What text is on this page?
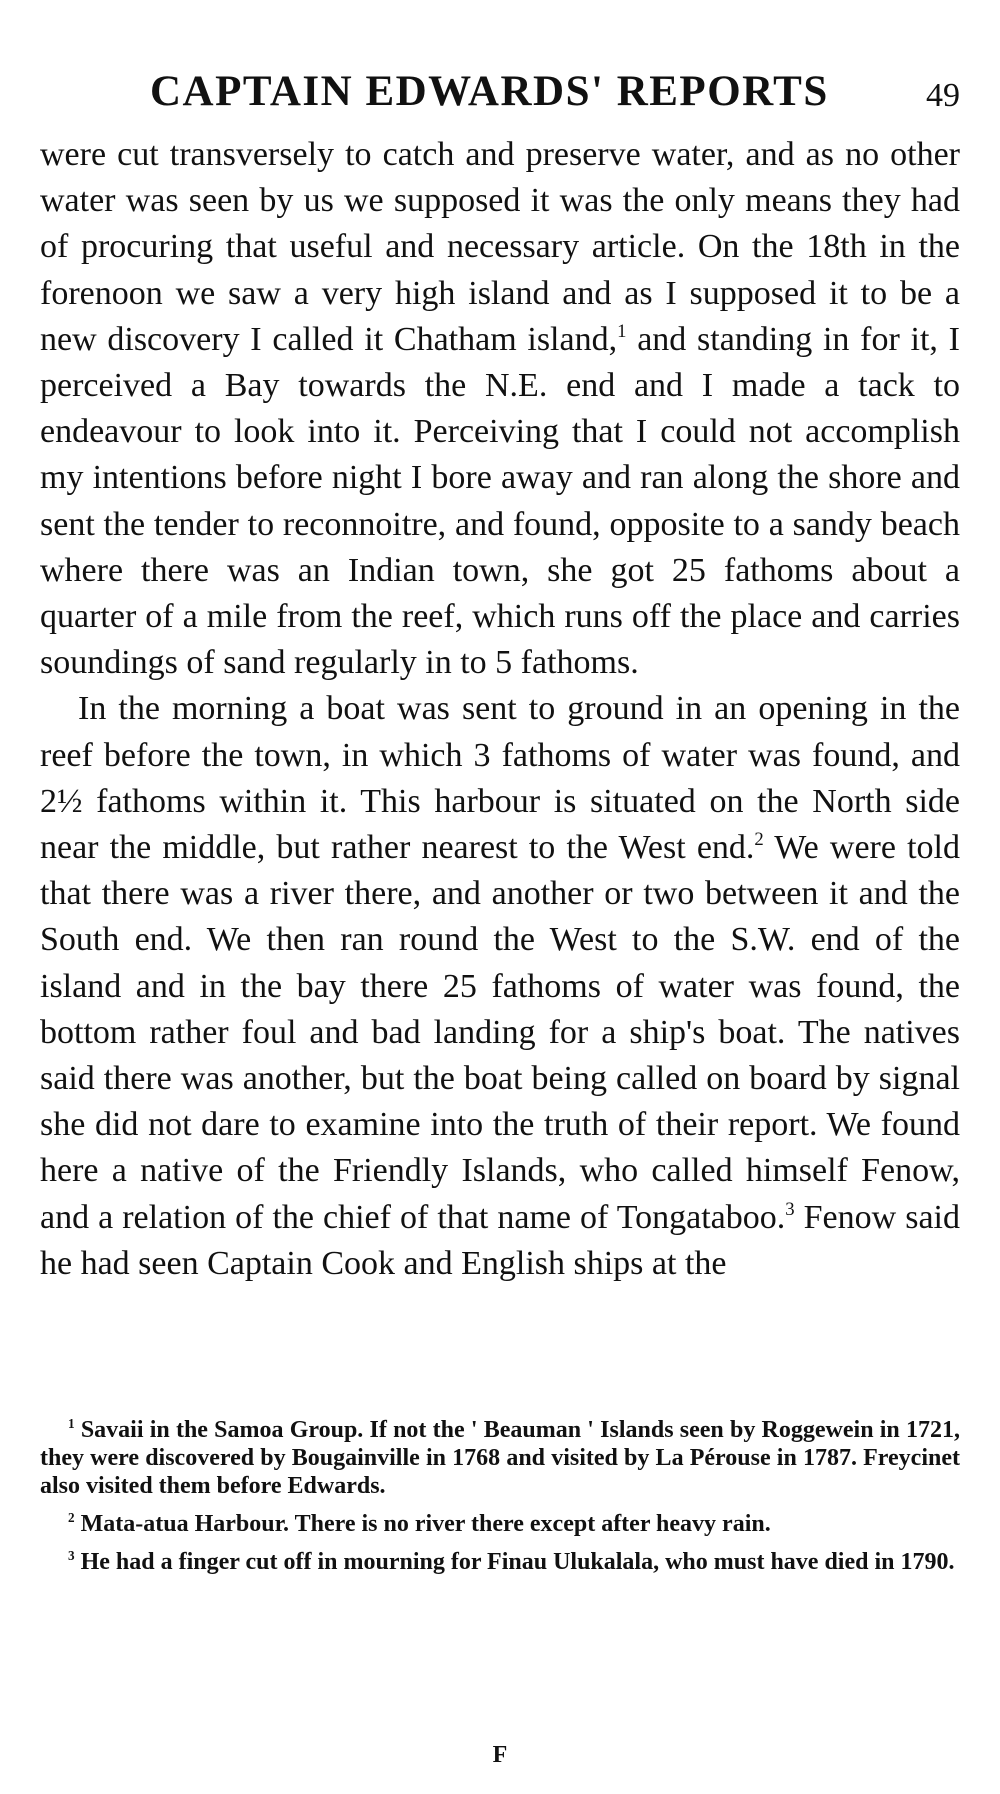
CAPTAIN EDWARDS' REPORTS	49

were cut transversely to catch and preserve water, and as no other water was seen by us we supposed it was the only means they had of procuring that useful and necessary article. On the 18th in the forenoon we saw a very high island and as I supposed it to be a new discovery I called it Chatham island,$^1$ and standing in for it, I perceived a Bay towards the N.E. end and I made a tack to endeavour to look into it. Perceiving that I could not accomplish my intentions before night I bore away and ran along the shore and sent the tender to reconnoitre, and found, opposite to a sandy beach where there was an Indian town, she got 25 fathoms about a quarter of a mile from the reef, which runs off the place and carries soundings of sand regularly in to 5 fathoms.

In the morning a boat was sent to ground in an opening in the reef before the town, in which 3 fathoms of water was found, and 2½ fathoms within it. This harbour is situated on the North side near the middle, but rather nearest to the West end.$^2$ We were told that there was a river there, and another or two between it and the South end. We then ran round the West to the S.W. end of the island and in the bay there 25 fathoms of water was found, the bottom rather foul and bad landing for a ship's boat. The natives said there was another, but the boat being called on board by signal she did not dare to examine into the truth of their report. We found here a native of the Friendly Islands, who called himself Fenow, and a relation of the chief of that name of Tongataboo.$^3$ Fenow said he had seen Captain Cook and English ships at the

$^1$ Savaii in the Samoa Group. If not the ' Beauman ' Islands seen by Roggewein in 1721, they were discovered by Bougainville in 1768 and visited by La Pérouse in 1787. Freycinet also visited them before Edwards.

$^2$ Mata-atua Harbour. There is no river there except after heavy rain.

$^3$ He had a finger cut off in mourning for Finau Ulukalala, who must have died in 1790.

F
